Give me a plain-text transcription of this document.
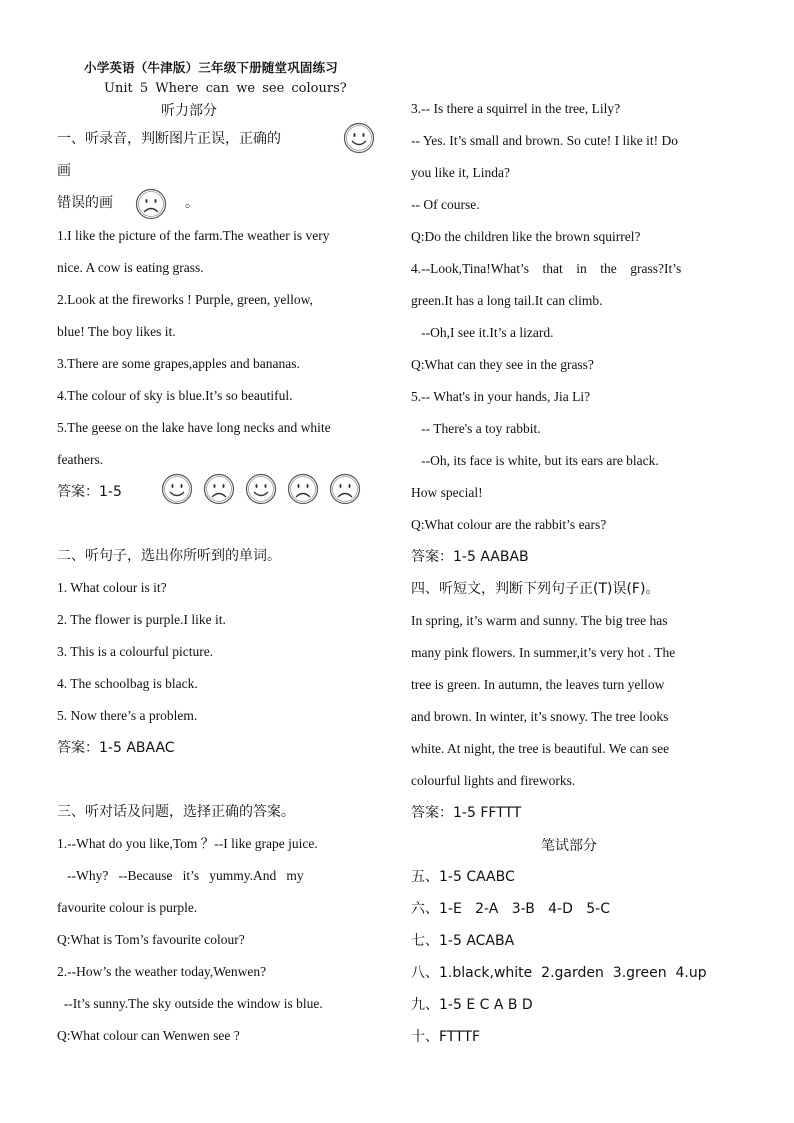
小学英语（牛津版）三年级下册随堂巩固练习
Unit 5 Where can we see colours?
听力部分
一、听录音，判断图片正误，正确的
画
错误的画	。
1.I like the picture of the farm.The weather is very
nice. A cow is eating grass.
2.Look at the fireworks ! Purple, green, yellow,
blue! The boy likes it.
3.There are some grapes,apples and bananas.
4.The colour of sky is blue.It’s so beautiful.
5.The geese on the lake have long necks and white
feathers.
答案：1-5
二、听句子，选出你所听到的单词。
1. What colour is it?
2. The flower is purple.I like it.
3. This is a colourful picture.
4. The schoolbag is black.
5. Now there’s a problem.
答案：1-5 ABAAC
三、听对话及问题，选择正确的答案。
1.--What do you like,Tom ？--I like grape juice.
--Why?   --Because   it’s   yummy.And   my
favourite colour is purple.
Q:What is Tom’s favourite colour?
2.--How’s the weather today,Wenwen?
--It’s sunny.The sky outside the window is blue.
Q:What colour can Wenwen see ?
3.-- Is there a squirrel in the tree, Lily?
-- Yes. It’s small and brown. So cute! I like it! Do
you like it, Linda?
-- Of course.
Q:Do the children like the brown squirrel?
4.--Look,Tina!What’s    that    in    the    grass?It’s
green.It has a long tail.It can climb.
--Oh,I see it.It’s a lizard.
Q:What can they see in the grass?
5.-- What's in your hands, Jia Li?
-- There's a toy rabbit.
--Oh, its face is white, but its ears are black.
How special!
Q:What colour are the rabbit’s ears?
答案：1-5 AABAB
四、听短文，判断下列句子正(T)误(F)。
In spring, it’s warm and sunny. The big tree has
many pink flowers. In summer,it’s very hot . The
tree is green. In autumn, the leaves turn yellow
and brown. In winter, it’s snowy. The tree looks
white. At night, the tree is beautiful. We can see
colourful lights and fireworks.
答案：1-5 FFTTT
五、1-5 CAABC
六、1-E   2-A   3-B   4-D   5-C
七、1-5 ACABA
八、1.black,white  2.garden  3.green  4.up
九、1-5 E C A B D
十、FTTTF
笔试部分
